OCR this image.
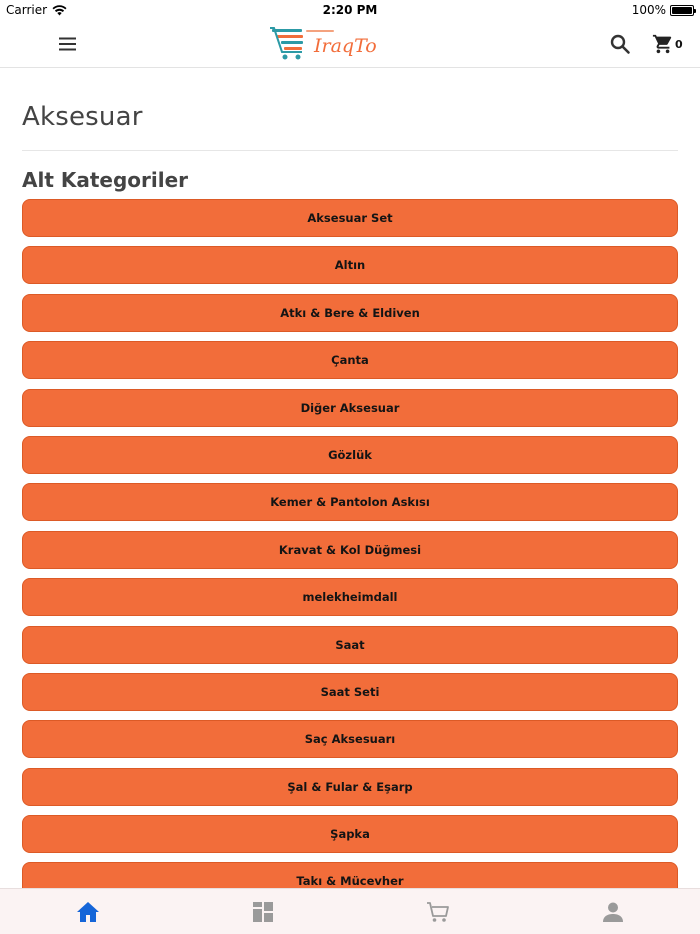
Carrier	2:20 PM	100%
IraqTo	0
Aksesuar
Alt Kategoriler
Aksesuar Set
Altın
Atkı & Bere & Eldiven
Çanta
Diğer Aksesuar
Gözlük
Kemer & Pantolon Askısı
Kravat & Kol Düğmesi
melekheimdall
Saat
Saat Seti
Saç Aksesuarı
Şal & Fular & Eşarp
Şapka
Takı & Mücevher
